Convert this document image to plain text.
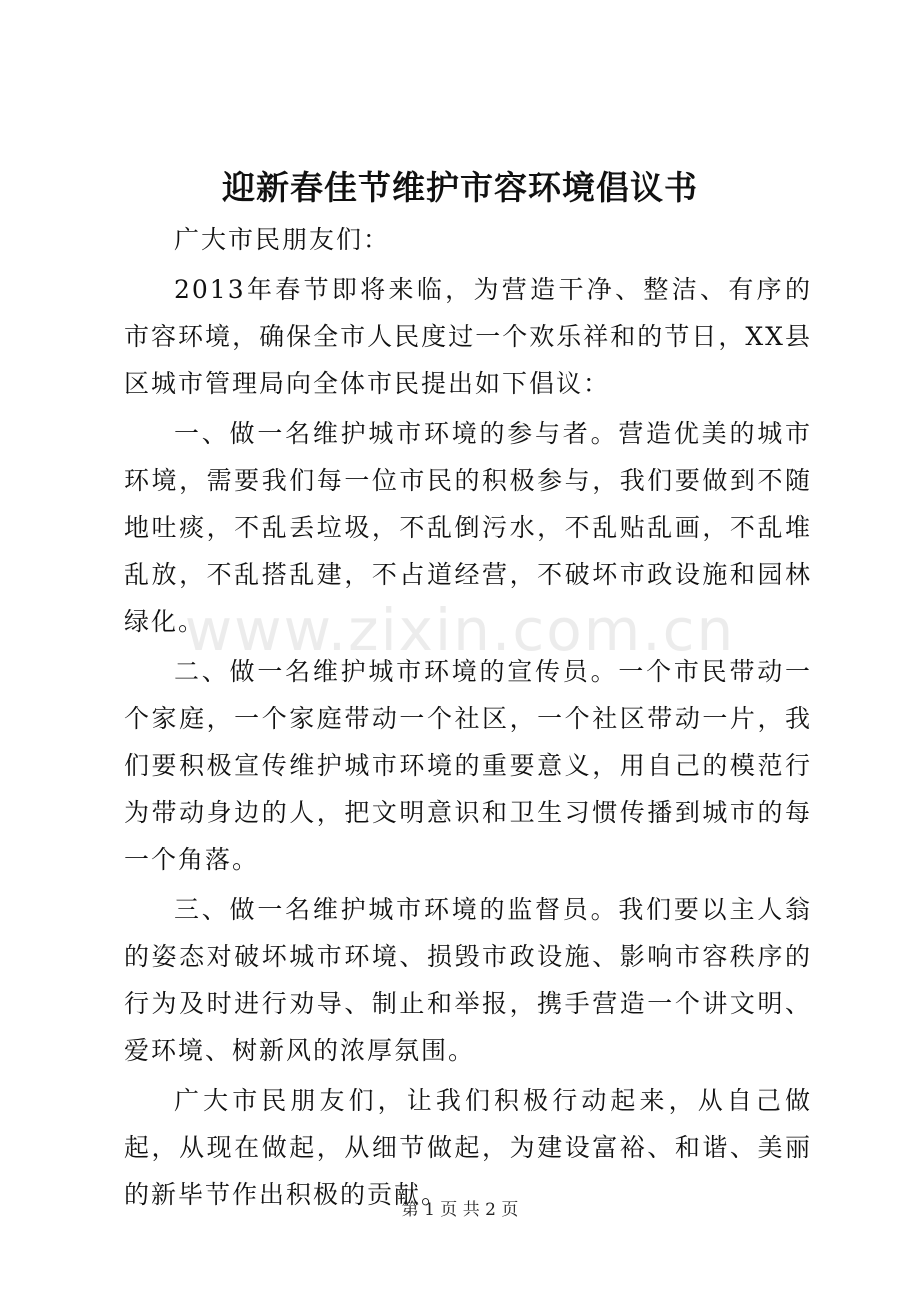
迎新春佳节维护市容环境倡议书

广大市民朋友们：

2013年春节即将来临，为营造干净、整洁、有序的市容环境，确保全市人民度过一个欢乐祥和的节日，XX县区城市管理局向全体市民提出如下倡议：

一、做一名维护城市环境的参与者。营造优美的城市环境，需要我们每一位市民的积极参与，我们要做到不随地吐痰，不乱丢垃圾，不乱倒污水，不乱贴乱画，不乱堆乱放，不乱搭乱建，不占道经营，不破坏市政设施和园林绿化。

二、做一名维护城市环境的宣传员。一个市民带动一个家庭，一个家庭带动一个社区，一个社区带动一片，我们要积极宣传维护城市环境的重要意义，用自己的模范行为带动身边的人，把文明意识和卫生习惯传播到城市的每一个角落。

三、做一名维护城市环境的监督员。我们要以主人翁的姿态对破坏城市环境、损毁市政设施、影响市容秩序的行为及时进行劝导、制止和举报，携手营造一个讲文明、爱环境、树新风的浓厚氛围。

广大市民朋友们，让我们积极行动起来，从自己做起，从现在做起，从细节做起，为建设富裕、和谐、美丽的新毕节作出积极的贡献。

www.zixin.com.cn
第 1 页 共 2 页
